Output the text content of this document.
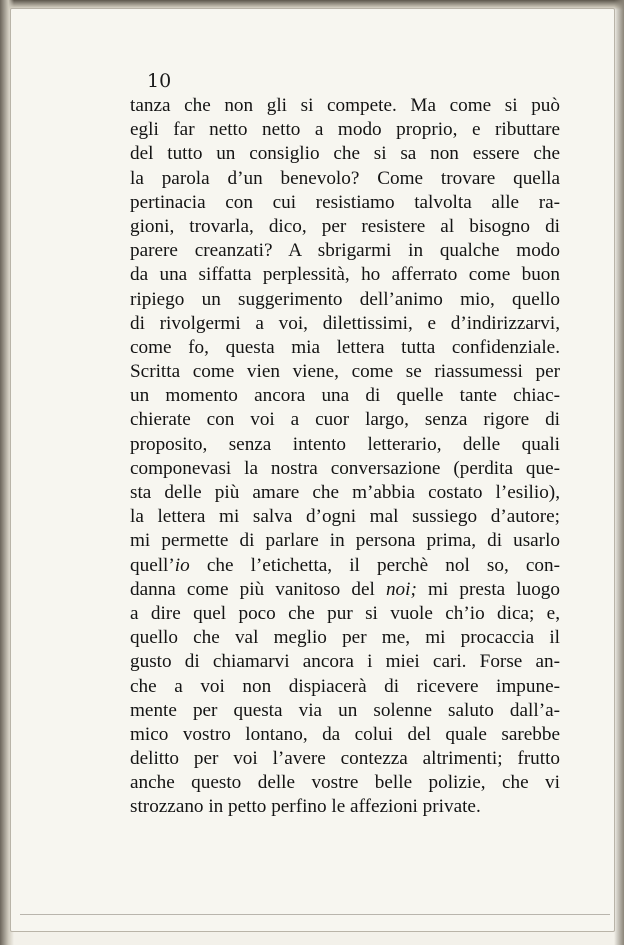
10
tanza che non gli si compete. Ma come si può
egli far netto netto a modo proprio, e ributtare
del tutto un consiglio che si sa non essere che
la parola d’un benevolo? Come trovare quella
pertinacia con cui resistiamo talvolta alle ra-
gioni, trovarla, dico, per resistere al bisogno di
parere creanzati? A sbrigarmi in qualche modo
da una siffatta perplessità, ho afferrato come buon
ripiego un suggerimento dell’animo mio, quello
di rivolgermi a voi, dilettissimi, e d’indirizzarvi,
come fo, questa mia lettera tutta confidenziale.
Scritta come vien viene, come se riassumessi per
un momento ancora una di quelle tante chiac-
chierate con voi a cuor largo, senza rigore di
proposito, senza intento letterario, delle quali
componevasi la nostra conversazione (perdita que-
sta delle più amare che m’abbia costato l’esilio),
la lettera mi salva d’ogni mal sussiego d’autore;
mi permette di parlare in persona prima, di usarlo
quell’io che l’etichetta, il perchè nol so, con-
danna come più vanitoso del noi; mi presta luogo
a dire quel poco che pur si vuole ch’io dica; e,
quello che val meglio per me, mi procaccia il
gusto di chiamarvi ancora i miei cari. Forse an-
che a voi non dispiacerà di ricevere impune-
mente per questa via un solenne saluto dall’a-
mico vostro lontano, da colui del quale sarebbe
delitto per voi l’avere contezza altrimenti; frutto
anche questo delle vostre belle polizie, che vi
strozzano in petto perfino le affezioni private.
